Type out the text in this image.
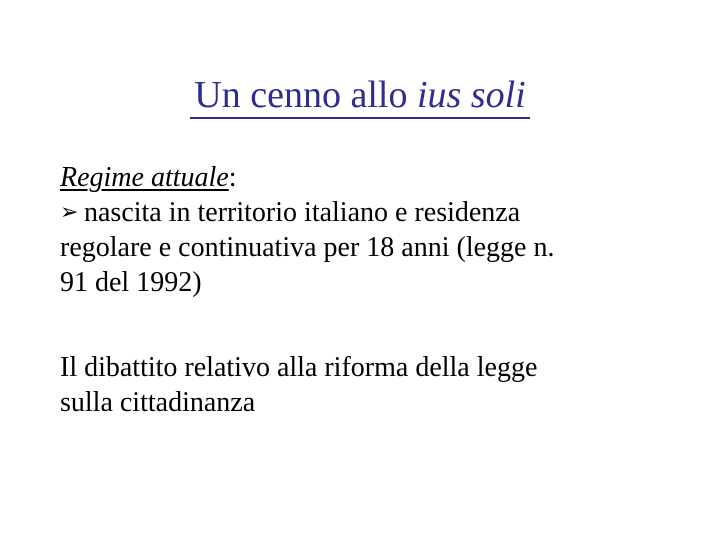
Un cenno allo ius soli

Regime attuale:

➢ nascita in territorio italiano e residenza

regolare e continuativa per 18 anni (legge n.

91 del 1992)

Il dibattito relativo alla riforma della legge

sulla cittadinanza
